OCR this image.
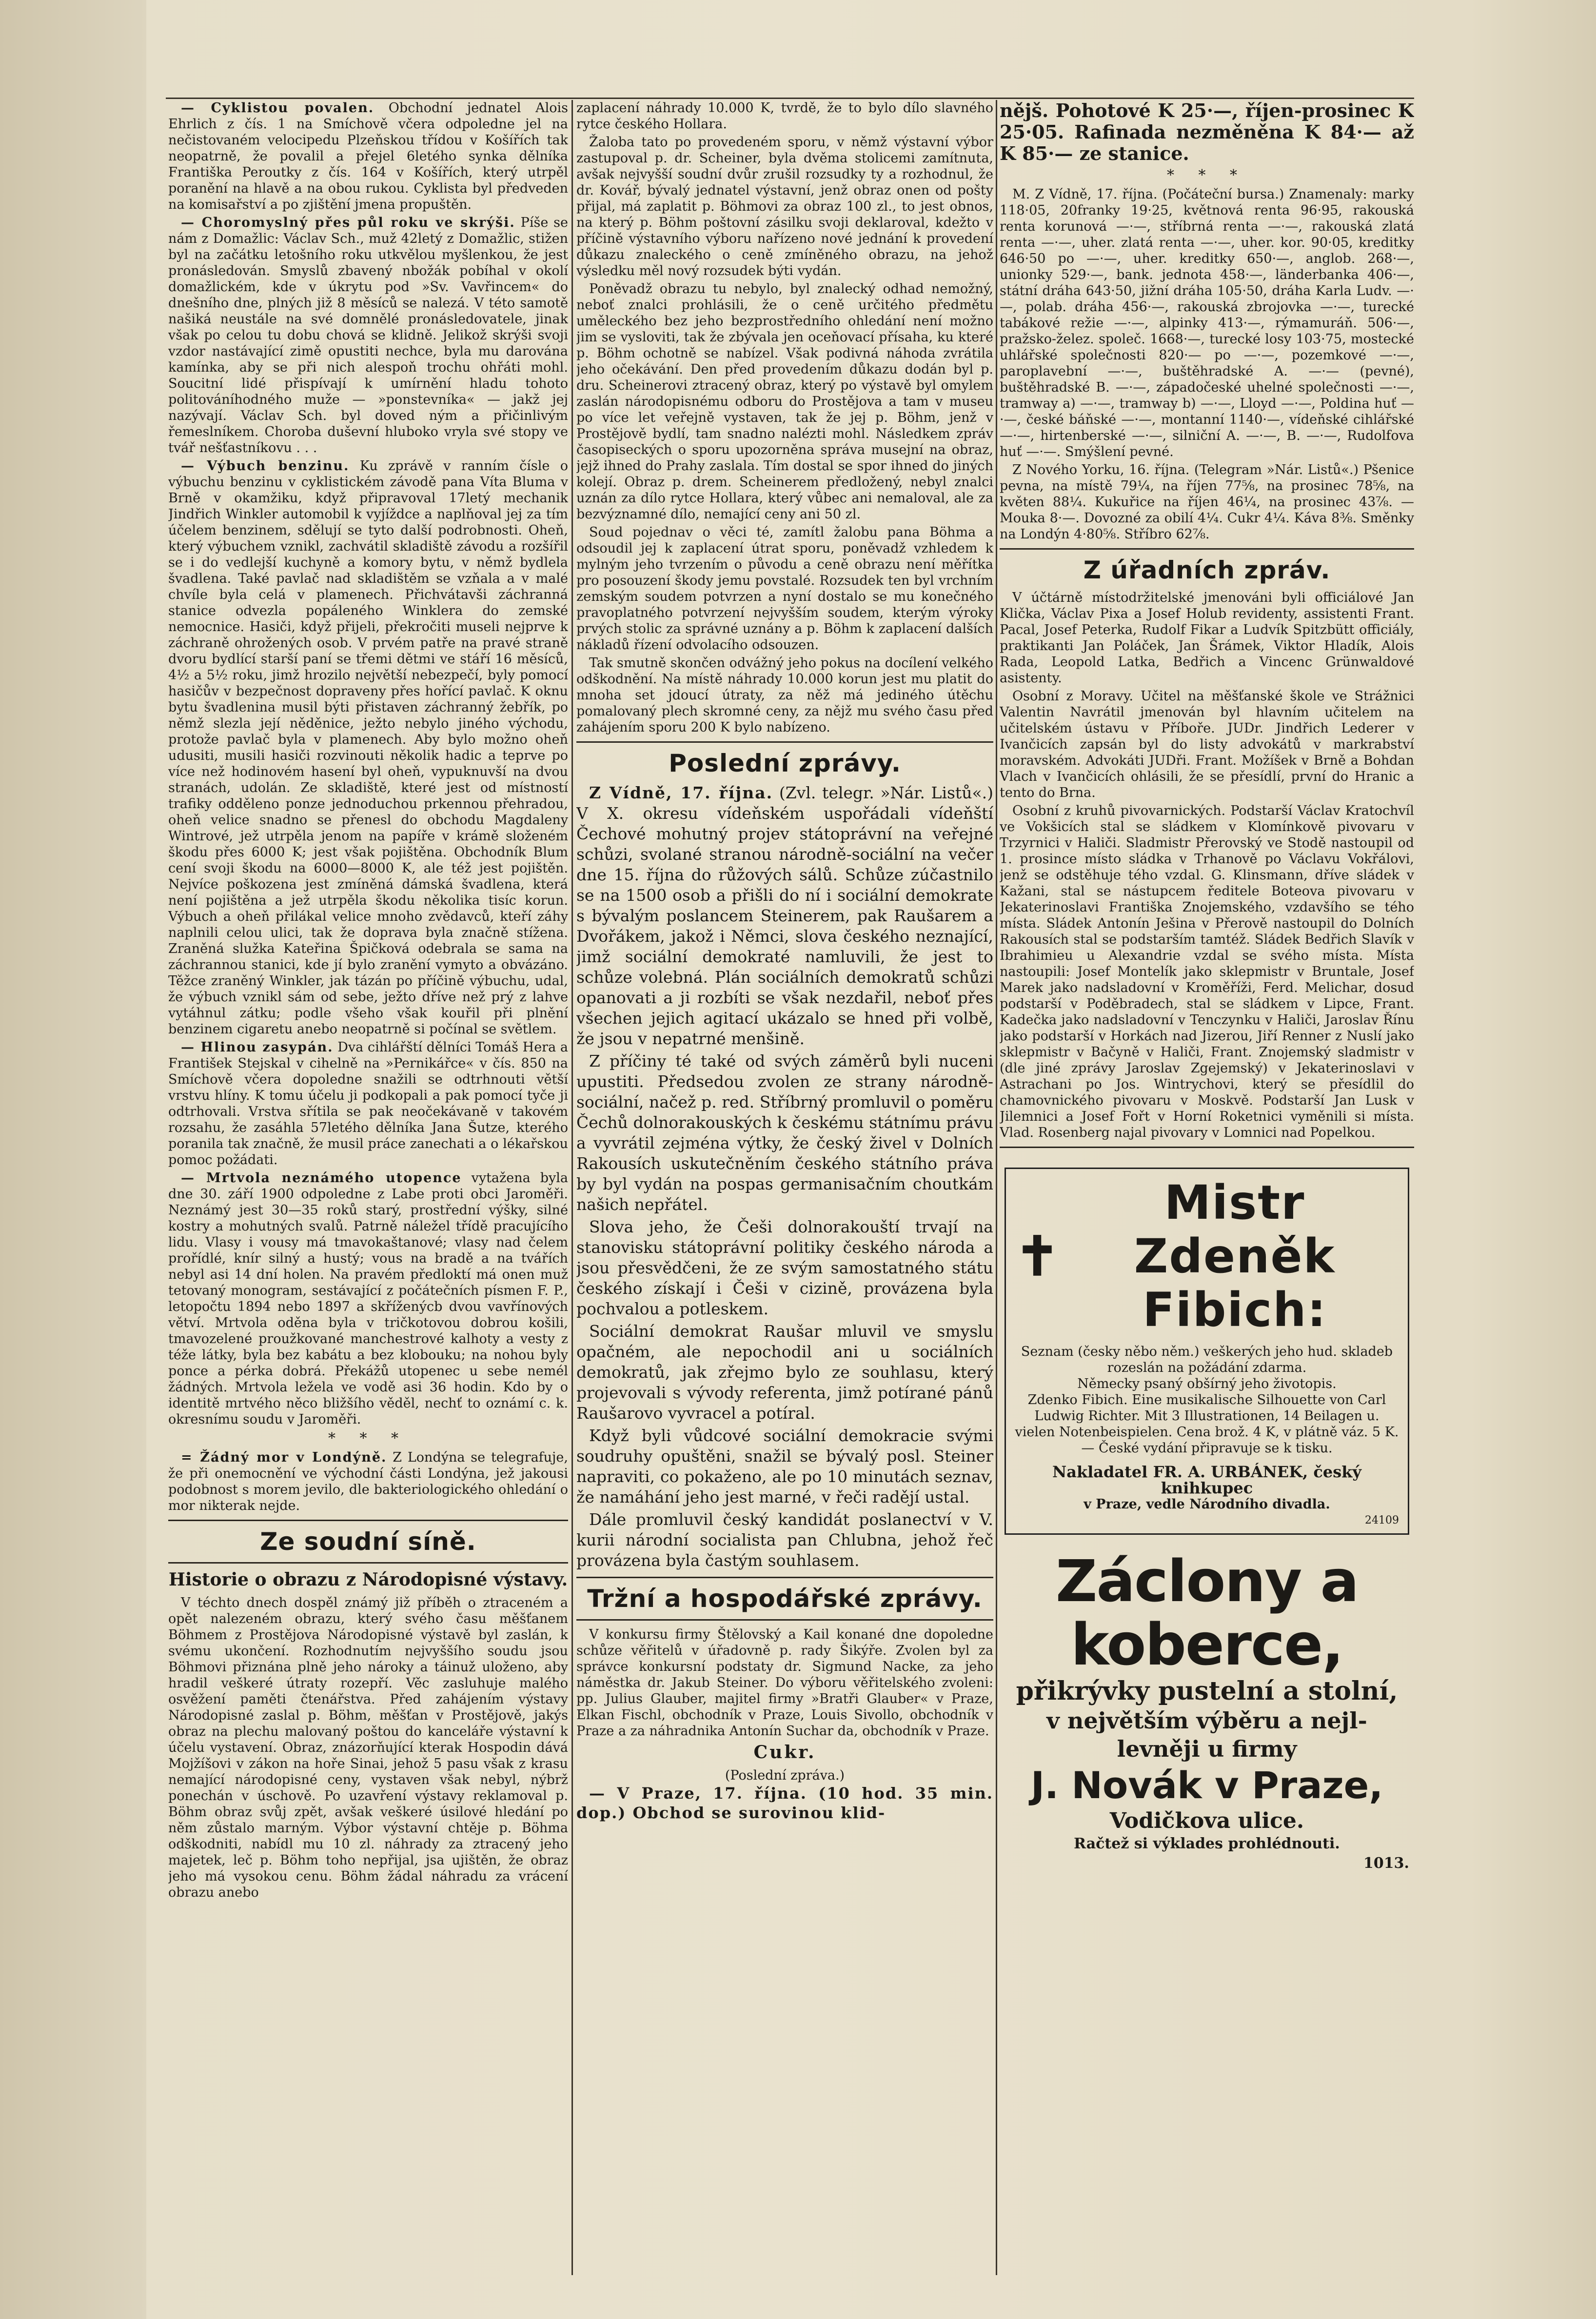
— Cyklistou povalen. Obchodní jednatel Alois Ehrlich z čís. 1 na Smíchově včera odpoledne jel na nečistovaném velocipedu Plzeňskou třídou v Košířích tak neopatrně, že povalil a přejel 6letého synka dělníka Františka Peroutky z čís. 164 v Košířích, který utrpěl poranění na hlavě a na obou rukou. Cyklista byl předveden na komisařství a po zjištění jmena propuštěn.

— Choromyslný přes půl roku ve skrýši. Píše se nám z Domažlic: Václav Sch., muž 42letý z Domažlic, stižen byl na začátku letošního roku utkvělou myšlenkou, že jest pronásledován. Smyslů zbavený nbožák pobíhal v okolí domažlickém, kde v úkrytu pod »Sv. Vavřincem« do dnešního dne, plných již 8 měsíců se nalezá. V této samotě našiká neustále na své domnělé pronásledovatele, jinak však po celou tu dobu chová se klidně. Jelikož skrýši svoji vzdor nastávající zimě opustiti nechce, byla mu darována kamínka, aby se při nich alespoň trochu ohřáti mohl. Soucitní lidé přispívají k umírnění hladu tohoto politováníhodného muže — »ponstevníka« — jakž jej nazývají. Václav Sch. byl doved ným a přičinlivým řemeslníkem. Choroba duševní hluboko vryla své stopy ve tvář nešťastníkovu . . .

— Výbuch benzinu. Ku zprávě v ranním čísle o výbuchu benzinu v cyklistickém závodě pana Víta Bluma v Brně v okamžiku, když připravoval 17letý mechanik Jindřich Winkler automobil k vyjíždce a naplňoval jej za tím účelem benzinem, sdělují se tyto další podrobnosti. Oheň, který výbuchem vznikl, zachvátil skladiště závodu a rozšířil se i do vedlejší kuchyně a komory bytu, v němž bydlela švadlena. Také pavlač nad skladištěm se vzňala a v malé chvíle byla celá v plamenech. Přichvátavši záchranná stanice odvezla popáleného Winklera do zemské nemocnice. Hasiči, když přijeli, překročiti museli nejprve k záchraně ohrožených osob. V prvém patře na pravé straně dvoru bydlící starší paní se třemi dětmi ve stáří 16 měsíců, 4½ a 5½ roku, jimž hrozilo největší nebezpečí, byly pomocí hasičův v bezpečnost dopraveny přes hořící pavlač. K oknu bytu švadlenina musil býti přistaven záchranný žebřík, po němž slezla její něděnice, ježto nebylo jiného východu, protože pavlač byla v plamenech. Aby bylo možno oheň udusiti, musili hasiči rozvinouti několik hadic a teprve po více než hodinovém hasení byl oheň, vypuknuvší na dvou stranách, udolán. Ze skladiště, které jest od místností trafiky odděleno ponze jednoduchou prkennou přehradou, oheň velice snadno se přenesl do obchodu Magdaleny Wintrové, jež utrpěla jenom na papíře v krámě složeném škodu přes 6000 K; jest však pojištěna. Obchodník Blum cení svoji škodu na 6000—8000 K, ale též jest pojištěn. Nejvíce poškozena jest zmíněná dámská švadlena, která není pojištěna a jež utrpěla škodu několika tisíc korun. Výbuch a oheň přilákal velice mnoho zvědavců, kteří záhy naplnili celou ulici, tak že doprava byla značně stížena. Zraněná služka Kateřina Špičková odebrala se sama na záchrannou stanici, kde jí bylo zranění vymyto a obvázáno. Těžce zraněný Winkler, jak tázán po příčině výbuchu, udal, že výbuch vznikl sám od sebe, ježto dříve než prý z lahve vytáhnul zátku; podle všeho však kouřil při plnění benzinem cigaretu anebo neopatrně si počínal se světlem.

— Hlinou zasypán. Dva cihlářští dělníci Tomáš Hera a František Stejskal v cihelně na »Pernikářce« v čís. 850 na Smíchově včera dopoledne snažili se odtrhnouti větší vrstvu hlíny. K tomu účelu ji podkopali a pak pomocí tyče ji odtrhovali. Vrstva sřítila se pak neočekávaně v takovém rozsahu, že zasáhla 57letého dělníka Jana Šutze, kterého poranila tak značně, že musil práce zanechati a o lékařskou pomoc požádati.

— Mrtvola neznámého utopence vytažena byla dne 30. září 1900 odpoledne z Labe proti obci Jaroměři. Neznámý jest 30—35 roků starý, prostřední výšky, silné kostry a mohutných svalů. Patrně náležel třídě pracujícího lidu. Vlasy i vousy má tmavokaštanové; vlasy nad čelem prořídlé, knír silný a hustý; vous na bradě a na tvářích nebyl asi 14 dní holen. Na pravém předloktí má onen muž tetovaný monogram, sestávající z počátečních písmen F. P., letopočtu 1894 nebo 1897 a skříženýcb dvou vavřínových větví. Mrtvola oděna byla v tričkotovou dobrou košili, tmavozelené proužkované manchestrové kalhoty a vesty z téže látky, byla bez kabátu a bez klobouku; na nohou byly ponce a pérka dobrá. Překážů utopenec u sebe nemél žádných. Mrtvola ležela ve vodě asi 36 hodin. Kdo by o identitě mrtvého něco bližšího věděl, nechť to oznámí c. k. okresnímu soudu v Jaroměři.

* * *

= Žádný mor v Londýně. Z Londýna se telegrafuje, že při onemocnění ve východní části Londýna, jež jakousi podobnost s morem jevilo, dle bakteriologického ohledání o mor nikterak nejde.

Ze soudní síně.
Historie o obrazu z Národopisné výstavy.

V téchto dnech dospěl známý již příběh o ztraceném a opět nalezeném obrazu, který svého času měšťanem Böhmem z Prostějova Národopisné výstavě byl zaslán, k svému ukončení. Rozhodnutím nejvyššího soudu jsou Böhmovi přiznána plně jeho nároky a táinuž uloženo, aby hradil veškeré útraty rozepří. Věc zasluhuje malého osvěžení paměti čtenářstva. Před zahájením výstavy Národopisné zaslal p. Böhm, měšťan v Prostějově, jakýs obraz na plechu malovaný poštou do kanceláře výstavní k účelu vystavení. Obraz, znázorňující kterak Hospodin dává Mojžíšovi v zákon na hoře Sinai, jehož 5 pasu však z krasu nemající národopisné ceny, vystaven však nebyl, nýbrž ponechán v úschově. Po uzavření výstavy reklamoval p. Böhm obraz svůj zpět, avšak veškeré úsilové hledání po něm zůstalo marným. Výbor výstavní chtěje p. Böhma odškodniti, nabídl mu 10 zl. náhrady za ztracený jeho majetek, leč p. Böhm toho nepřijal, jsa ujištěn, že obraz jeho má vysokou cenu. Böhm žádal náhradu za vrácení obrazu anebo

zaplacení náhrady 10.000 K, tvrdě, že to bylo dílo slavného rytce českého Hollara.

Žaloba tato po provedeném sporu, v němž výstavní výbor zastupoval p. dr. Scheiner, byla dvěma stolicemi zamítnuta, avšak nejvyšší soudní dvůr zrušil rozsudky ty a rozhodnul, že dr. Kovář, bývalý jednatel výstavní, jenž obraz onen od pošty přijal, má zaplatit p. Böhmovi za obraz 100 zl., to jest obnos, na který p. Böhm poštovní zásilku svoji deklaroval, kdežto v příčině výstavního výboru nařízeno nové jednání k provedení důkazu znaleckého o ceně zmíněného obrazu, na jehož výsledku měl nový rozsudek býti vydán.

Poněvadž obrazu tu nebylo, byl znalecký odhad nemožný, neboť znalci prohlásili, že o ceně určitého předmětu uměleckého bez jeho bezprostředního ohledání není možno jim se vysloviti, tak že zbývala jen oceňovací přísaha, ku které p. Böhm ochotně se nabízel. Však podivná náhoda zvrátila jeho očekávání. Den před provedením důkazu dodán byl p. dru. Scheinerovi ztracený obraz, který po výstavě byl omylem zaslán národopisnému odboru do Prostějova a tam v museu po více let veřejně vystaven, tak že jej p. Böhm, jenž v Prostějově bydlí, tam snadno nalézti mohl. Následkem zpráv časopiseckých o sporu upozorněna správa musejní na obraz, jejž ihned do Prahy zaslala. Tím dostal se spor ihned do jiných kolejí. Obraz p. drem. Scheinerem předložený, nebyl znalci uznán za dílo rytce Hollara, který vůbec ani nemaloval, ale za bezvýznamné dílo, nemající ceny ani 50 zl.

Soud pojednav o věci té, zamítl žalobu pana Böhma a odsoudil jej k zaplacení útrat sporu, poněvadž vzhledem k mylným jeho tvrzením o původu a ceně obrazu není měřítka pro posouzení škody jemu povstalé. Rozsudek ten byl vrchním zemským soudem potvrzen a nyní dostalo se mu konečného pravoplatného potvrzení nejvyšším soudem, kterým výroky prvých stolic za správné uznány a p. Böhm k zaplacení dalších nákladů řízení odvolacího odsouzen.

Tak smutně skončen odvážný jeho pokus na docílení velkého odškodnění. Na místě náhrady 10.000 korun jest mu platit do mnoha set jdoucí útraty, za něž má jediného útěchu pomalovaný plech skromné ceny, za nějž mu svého času před zahájením sporu 200 K bylo nabízeno.

Poslední zprávy.

Z Vídně, 17. října. (Zvl. telegr. »Nár. Listů«.) V X. okresu vídeňském uspořádali vídeňští Čechové mohutný projev státoprávní na veřejné schůzi, svolané stranou národně-sociální na večer dne 15. října do růžových sálů. Schůze zúčastnilo se na 1500 osob a přišli do ní i sociální demokrate s bývalým poslancem Steinerem, pak Raušarem a Dvořákem, jakož i Němci, slova českého neznající, jimž sociální demokraté namluvili, že jest to schůze volebná. Plán sociálních demokratů schůzi opanovati a ji rozbíti se však nezdařil, neboť přes všechen jejich agitací ukázalo se hned při volbě, že jsou v nepatrné menšině.

Z příčiny té také od svých záměrů byli nuceni upustiti. Předsedou zvolen ze strany národně-sociální, načež p. red. Stříbrný promluvil o poměru Čechů dolnorakouských k českému státnímu právu a vyvrátil zejména výtky, že český živel v Dolních Rakousích uskutečněním českého státního práva by byl vydán na pospas germanisačním choutkám našich nepřátel.

Slova jeho, že Češi dolnorakouští trvají na stanovisku státoprávní politiky českého národa a jsou přesvědčeni, že ze svým samostatného státu českého získají i Češi v cizině, provázena byla pochvalou a potleskem.

Sociální demokrat Raušar mluvil ve smyslu opačném, ale nepochodil ani u sociálních demokratů, jak zřejmo bylo ze souhlasu, který projevovali s vývody referenta, jimž potírané pánů Raušarovo vyvracel a potíral.

Když byli vůdcové sociální demokracie svými soudruhy opuštěni, snažil se bývalý posl. Steiner napraviti, co pokaženo, ale po 10 minutách seznav, že namáhání jeho jest marné, v řeči radějí ustal.

Dále promluvil český kandidát poslanectví v V. kurii národní socialista pan Chlubna, jehož řeč provázena byla častým souhlasem.

Tržní a hospodářské zprávy.

V konkursu firmy Štělovský a Kail konané dne dopoledne schůze věřitelů v úřadovně p. rady Šikýře. Zvolen byl za správce konkursní podstaty dr. Sigmund Nacke, za jeho náměstka dr. Jakub Steiner. Do výboru věřitelského zvoleni: pp. Julius Glauber, majitel firmy »Bratři Glauber« v Praze, Elkan Fischl, obchodník v Praze, Louis Sivollo, obchodník v Praze a za náhradnika Antonín Suchar da, obchodník v Praze.

Cukr.
(Poslední zpráva.)

— V Praze, 17. října. (10 hod. 35 min. dop.) Obchod se surovinou klid-

nějš. Pohotové K 25·—, říjen-prosinec K 25·05. Rafinada nezměněna K 84·— až K 85·— ze stanice.
* * *

M. Z Vídně, 17. října. (Počáteční bursa.) Znamenaly: marky 118·05, 20franky 19·25, květnová renta 96·95, rakouská renta korunová —·—, stříbrná renta —·—, rakouská zlatá renta —·—, uher. zlatá renta —·—, uher. kor. 90·05, kreditky 646·50 po —·—, uher. kreditky 650·—, anglob. 268·—, unionky 529·—, bank. jednota 458·—, länderbanka 406·—, státní dráha 643·50, jižní dráha 105·50, dráha Karla Ludv. —·—, polab. dráha 456·—, rakouská zbrojovka —·—, turecké tabákové režie —·—, alpinky 413·—, rýmamuráň. 506·—, pražsko-želez. společ. 1668·—, turecké losy 103·75, mostecké uhlářské společnosti 820·— po —·—, pozemkové —·—, paroplavební —·—, buštěhradské A. —·— (pevné), buštěhradské B. —·—, západočeské uhelné společnosti —·—, tramway a) —·—, tramway b) —·—, Lloyd —·—, Poldina huť —·—, české báňské —·—, montanní 1140·—, vídeňské cihlářské —·—, hirtenberské —·—, silniční A. —·—, B. —·—, Rudolfova huť —·—. Smýšlení pevné.

Z Nového Yorku, 16. října. (Telegram »Nár. Listů«.) Pšenice pevna, na místě 79¼, na říjen 77⅝, na prosinec 78⅝, na květen 88¼. Kukuřice na říjen 46¼, na prosinec 43⅞. — Mouka 8·—. Dovozné za obilí 4¼. Cukr 4¼. Káva 8⅜. Směnky na Londýn 4·80⅝. Stříbro 62⅞.

Z úřadních zpráv.

V účtárně místodržitelské jmenováni byli officiálové Jan Klička, Václav Pixa a Josef Holub revidenty, assistenti Frant. Pacal, Josef Peterka, Rudolf Fikar a Ludvík Spitzbütt officiály, praktikanti Jan Poláček, Jan Šrámek, Viktor Hladík, Alois Rada, Leopold Latka, Bedřich a Vincenc Grünwaldové asistenty.

Osobní z Moravy. Učitel na měšťanské škole ve Strážnici Valentin Navrátil jmenován byl hlavním učitelem na učitelském ústavu v Příboře. JUDr. Jindřich Lederer v Ivančicích zapsán byl do listy advokátů v markrabství moravském. Advokáti JUDři. Frant. Možíšek v Brně a Bohdan Vlach v Ivančicích ohlásili, že se přesídlí, první do Hranic a tento do Brna.

Osobní z kruhů pivovarnických. Podstarší Václav Kratochvíl ve Vokšicích stal se sládkem v Klomínkově pivovaru v Trzyrnici v Haliči. Sladmistr Přerovský ve Stodě nastoupil od 1. prosince místo sládka v Trhanově po Václavu Vokřálovi, jenž se odstěhuje tého vzdal. G. Klinsmann, dříve sládek v Kažani, stal se nástupcem ředitele Boteova pivovaru v Jekaterinoslavi Františka Znojemského, vzdavšího se tého místa. Sládek Antonín Ješina v Přerově nastoupil do Dolních Rakousích stal se podstarším tamtéž. Sládek Bedřich Slavík v Ibrahimieu u Alexandrie vzdal se svého místa. Místa nastoupili: Josef Montelík jako sklepmistr v Bruntale, Josef Marek jako nadsladovní v Kroměříži, Ferd. Melichar, dosud podstarší v Poděbradech, stal se sládkem v Lipce, Frant. Kadečka jako nadsladovní v Tenczynku v Haliči, Jaroslav Řínu jako podstarší v Horkách nad Jizerou, Jiří Renner z Nuslí jako sklepmistr v Bačyně v Haliči, Frant. Znojemský sladmistr v (dle jiné zprávy Jaroslav Zgejemský) v Jekaterinoslavi v Astrachani po Jos. Wintrychovi, který se přesídlil do chamovnického pivovaru v Moskvě. Podstarší Jan Lusk v Jilemnici a Josef Fořt v Horní Roketnici vyměnili si místa. Vlad. Rosenberg najal pivovary v Lomnici nad Popelkou.

✝
Mistr Zdeněk Fibich:
Seznam (česky něbo něm.) veškerých jeho hud. skladeb rozeslán na požádání zdarma.
Německy psaný obšírný jeho životopis.
Zdenko Fibich. Eine musikalische Silhouette von Carl Ludwig Richter. Mit 3 Illustrationen, 14 Beilagen u. vielen Notenbeispielen. Cena brož. 4 K, v plátně váz. 5 K. — České vydání připravuje se k tisku.
Nakladatel FR. A. URBÁNEK, český knihkupec
v Praze, vedle Národního divadla.
24109
Záclony a koberce,
přikrývky pustelní a stolní,
v největším výběru a nejl-
levněji u firmy
J. Novák v Praze,
Vodičkova ulice.
Račtež si výklades prohlédnouti.
1013.
